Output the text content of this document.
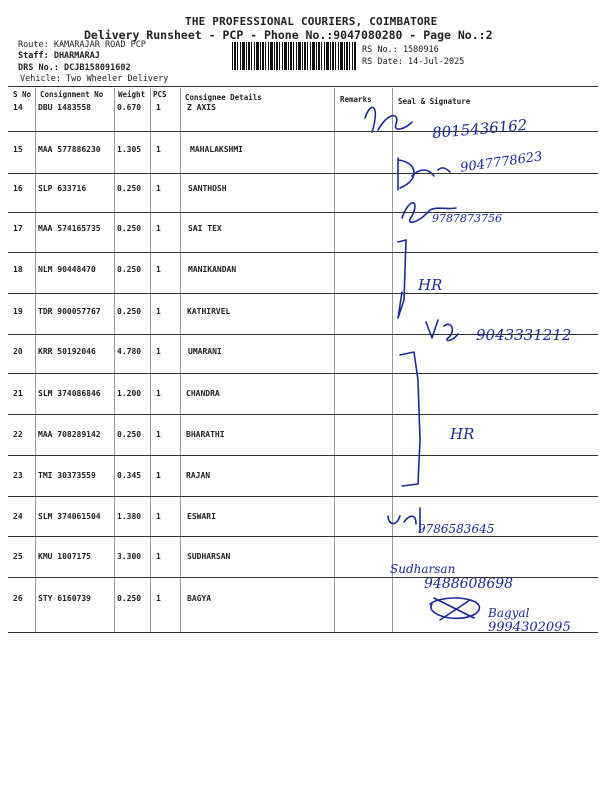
THE PROFESSIONAL COURIERS, COIMBATORE
Delivery Runsheet - PCP - Phone No.:9047080280 - Page No.:2
Route: KAMARAJAR ROAD PCP
Staff: DHARMARAJ
DRS No.: DCJB158091602
Vehicle: Two Wheeler Delivery
RS No.: 1580916
RS Date: 14-Jul-2025
S No Consignment No Weight PCS Consignee Details	Remarks	Seal & Signature
14 DBU 1483558	0.670 1	Z AXIS
15 MAA 577886230 1.305 1	MAHALAKSHMI
16 SLP 633716	0.250 1	SANTHOSH
17 MAA 574165735 0.250 1	SAI TEX
18 NLM 90448470	0.250 1	MANIKANDAN
19 TDR 900057767 0.250 1	KATHIRVEL
20 KRR 50192046	4.780 1	UMARANI
21 SLM 374086846 1.200 1	CHANDRA
22 MAA 708289142 0.250 1	BHARATHI
23 TMI 30373559	0.345 1	RAJAN
24 SLM 374061504 1.380 1	ESWARI
25 KMU 1007175	3.300 1	SUDHARSAN
26 STY 6160739	0.250 1	BAGYA
8015436162
9047778623
9787873756
HR
9043331212
HR
9786583645
Sudharsan
9488608698
Bagyal
9994302095
